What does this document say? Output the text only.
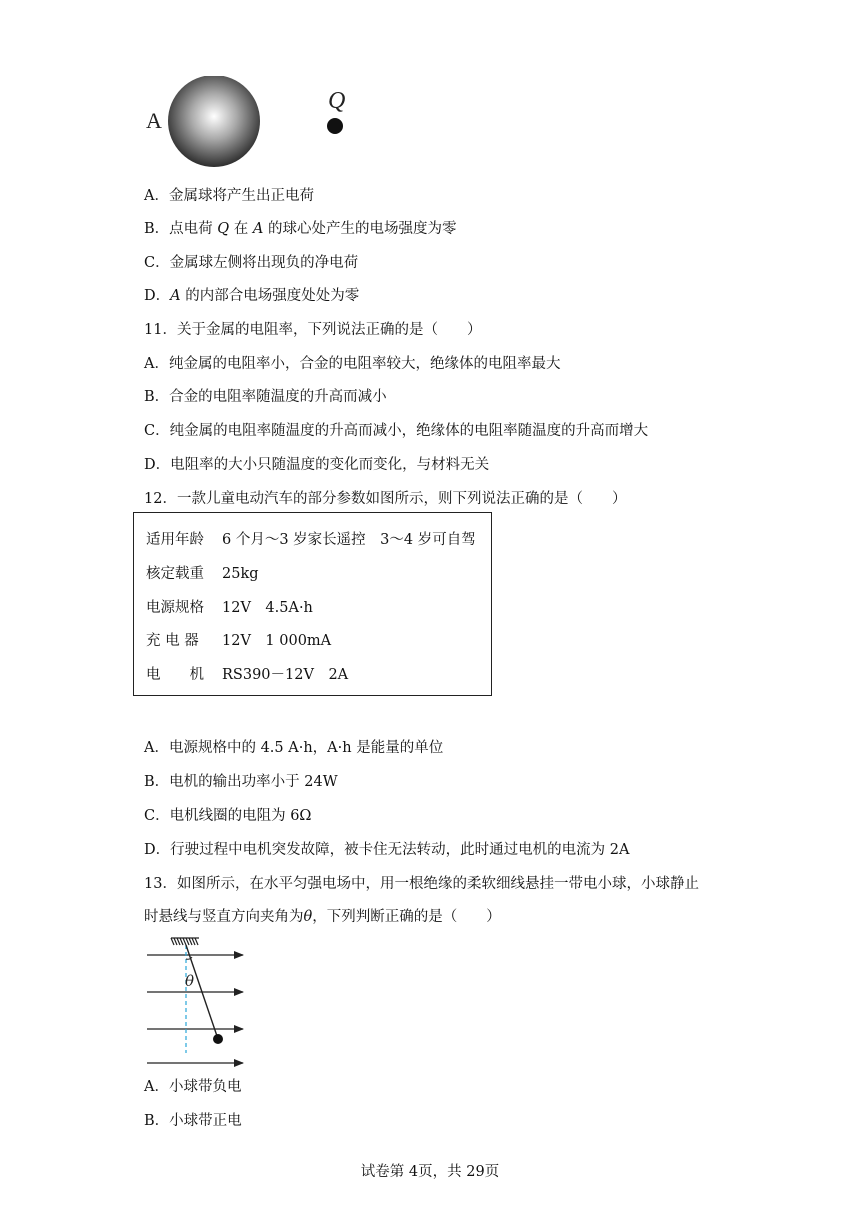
A
Q
A．金属球将产生出正电荷
B．点电荷 Q 在 A 的球心处产生的电场强度为零
C．金属球左侧将出现负的净电荷
D．A 的内部合电场强度处处为零
11．关于金属的电阻率，下列说法正确的是（　　）
A．纯金属的电阻率小，合金的电阻率较大，绝缘体的电阻率最大
B．合金的电阻率随温度的升高而减小
C．纯金属的电阻率随温度的升高而减小，绝缘体的电阻率随温度的升高而增大
D．电阻率的大小只随温度的变化而变化，与材料无关
12．一款儿童电动汽车的部分参数如图所示，则下列说法正确的是（　　）
适用年龄 6 个月～3 岁家长遥控　3～4 岁可自驾
核定载重 25kg
电源规格 12V　4.5A·h
充 电 器 12V　1 000mA
电　　机 RS390－12V　2A
A．电源规格中的 4.5 A·h，A·h 是能量的单位
B．电机的输出功率小于 24W
C．电机线圈的电阻为 6Ω
D．行驶过程中电机突发故障，被卡住无法转动，此时通过电机的电流为 2A
13．如图所示，在水平匀强电场中，用一根绝缘的柔软细线悬挂一带电小球，小球静止
时悬线与竖直方向夹角为θ，下列判断正确的是（　　）
θ
A．小球带负电
B．小球带正电
试卷第 4页，共 29页
